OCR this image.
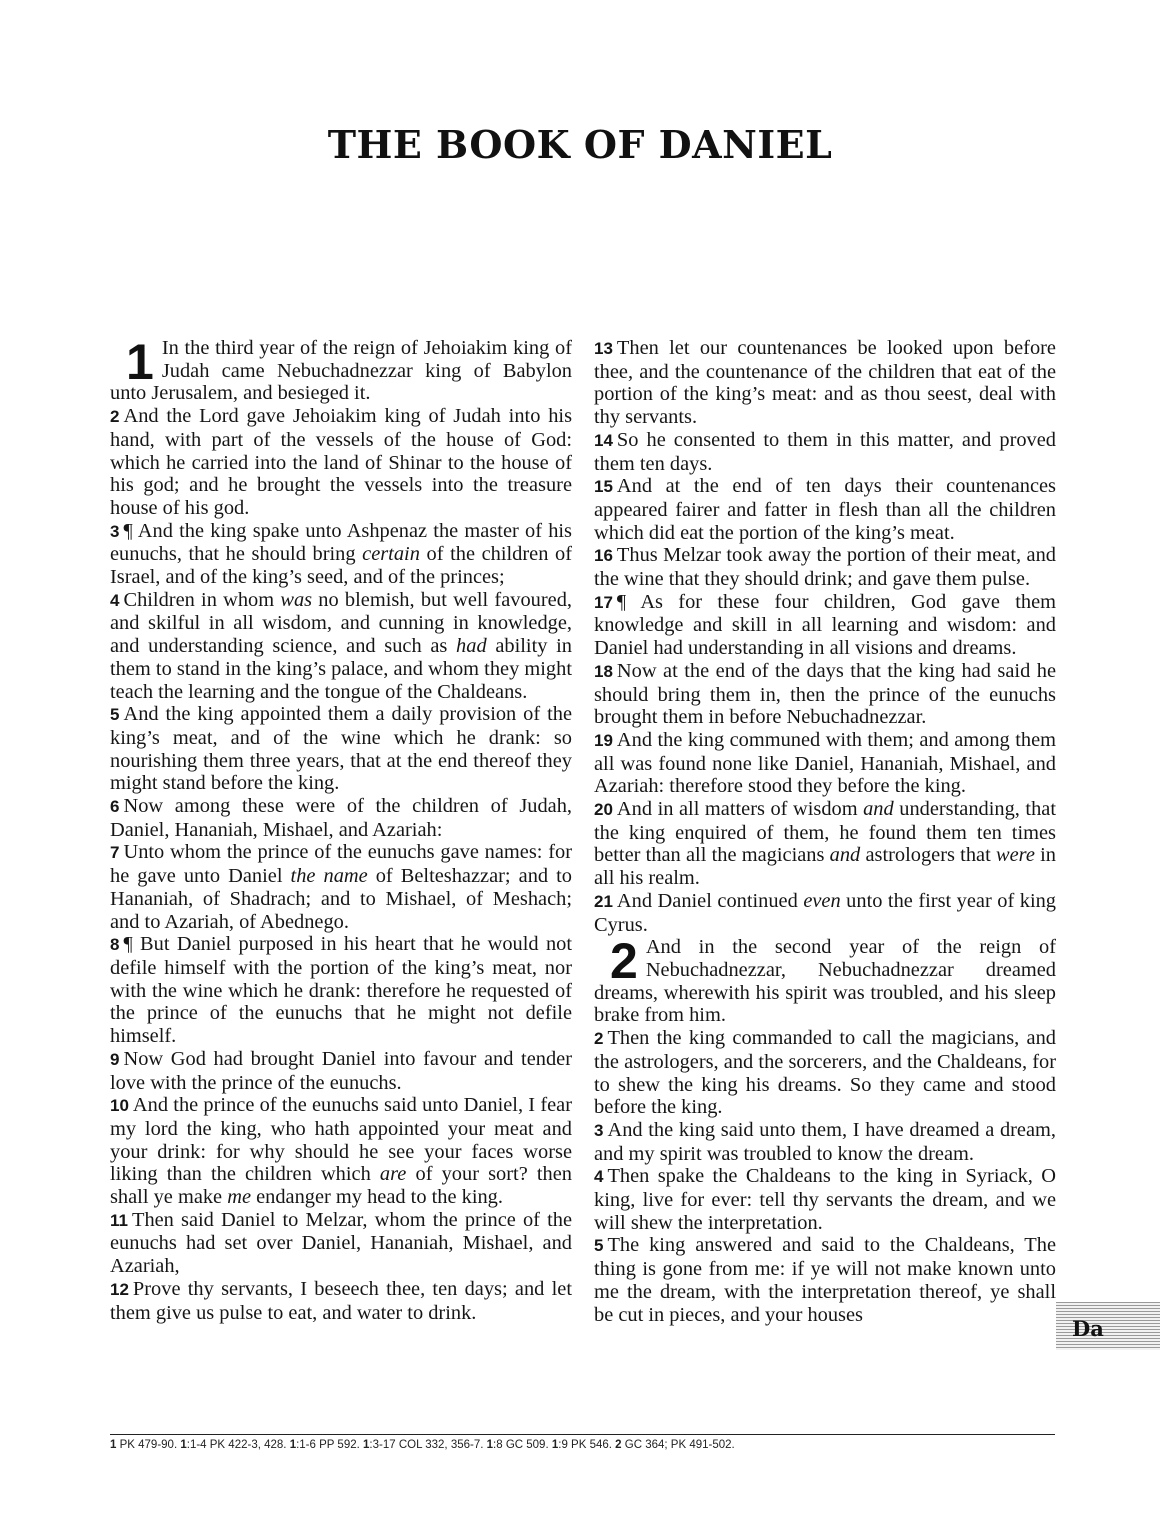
THE BOOK OF DANIEL

1 In the third year of the reign of Jehoiakim king of Judah came Nebuchadnezzar king of Babylon unto Jerusalem, and besieged it.

2 And the Lord gave Jehoiakim king of Judah into his hand, with part of the vessels of the house of God: which he carried into the land of Shinar to the house of his god; and he brought the vessels into the treasure house of his god.

3 ¶ And the king spake unto Ashpenaz the master of his eunuchs, that he should bring certain of the children of Israel, and of the king’s seed, and of the princes;

4 Children in whom was no blemish, but well favoured, and skilful in all wisdom, and cunning in knowledge, and understanding science, and such as had ability in them to stand in the king’s palace, and whom they might teach the learning and the tongue of the Chaldeans.

5 And the king appointed them a daily provision of the king’s meat, and of the wine which he drank: so nourishing them three years, that at the end thereof they might stand before the king.

6 Now among these were of the children of Judah, Daniel, Hananiah, Mishael, and Azariah:

7 Unto whom the prince of the eunuchs gave names: for he gave unto Daniel the name of Belteshazzar; and to Hananiah, of Shadrach; and to Mishael, of Meshach; and to Azariah, of Abednego.

8 ¶ But Daniel purposed in his heart that he would not defile himself with the portion of the king’s meat, nor with the wine which he drank: therefore he requested of the prince of the eunuchs that he might not defile himself.

9 Now God had brought Daniel into favour and tender love with the prince of the eunuchs.

10 And the prince of the eunuchs said unto Daniel, I fear my lord the king, who hath appointed your meat and your drink: for why should he see your faces worse liking than the children which are of your sort? then shall ye make me endanger my head to the king.

11 Then said Daniel to Melzar, whom the prince of the eunuchs had set over Daniel, Hananiah, Mishael, and Azariah,

12 Prove thy servants, I beseech thee, ten days; and let them give us pulse to eat, and water to drink.

13 Then let our countenances be looked upon before thee, and the countenance of the children that eat of the portion of the king’s meat: and as thou seest, deal with thy servants.

14 So he consented to them in this matter, and proved them ten days.

15 And at the end of ten days their countenances appeared fairer and fatter in flesh than all the children which did eat the portion of the king’s meat.

16 Thus Melzar took away the portion of their meat, and the wine that they should drink; and gave them pulse.

17 ¶ As for these four children, God gave them knowledge and skill in all learning and wisdom: and Daniel had understanding in all visions and dreams.

18 Now at the end of the days that the king had said he should bring them in, then the prince of the eunuchs brought them in before Nebuchadnezzar.

19 And the king communed with them; and among them all was found none like Daniel, Hananiah, Mishael, and Azariah: therefore stood they before the king.

20 And in all matters of wisdom and understanding, that the king enquired of them, he found them ten times better than all the magicians and astrologers that were in all his realm.

21 And Daniel continued even unto the first year of king Cyrus.

2 And in the second year of the reign of Nebuchadnezzar, Nebuchadnezzar dreamed dreams, wherewith his spirit was troubled, and his sleep brake from him.

2 Then the king commanded to call the magicians, and the astrologers, and the sorcerers, and the Chaldeans, for to shew the king his dreams. So they came and stood before the king.

3 And the king said unto them, I have dreamed a dream, and my spirit was troubled to know the dream.

4 Then spake the Chaldeans to the king in Syriack, O king, live for ever: tell thy servants the dream, and we will shew the interpretation.

5 The king answered and said to the Chaldeans, The thing is gone from me: if ye will not make known unto me the dream, with the interpretation thereof, ye shall be cut in pieces, and your houses

1 PK 479-90. 1:1-4 PK 422-3, 428. 1:1-6 PP 592. 1:3-17 COL 332, 356-7. 1:8 GC 509. 1:9 PK 546. 2 GC 364; PK 491-502.
Da
